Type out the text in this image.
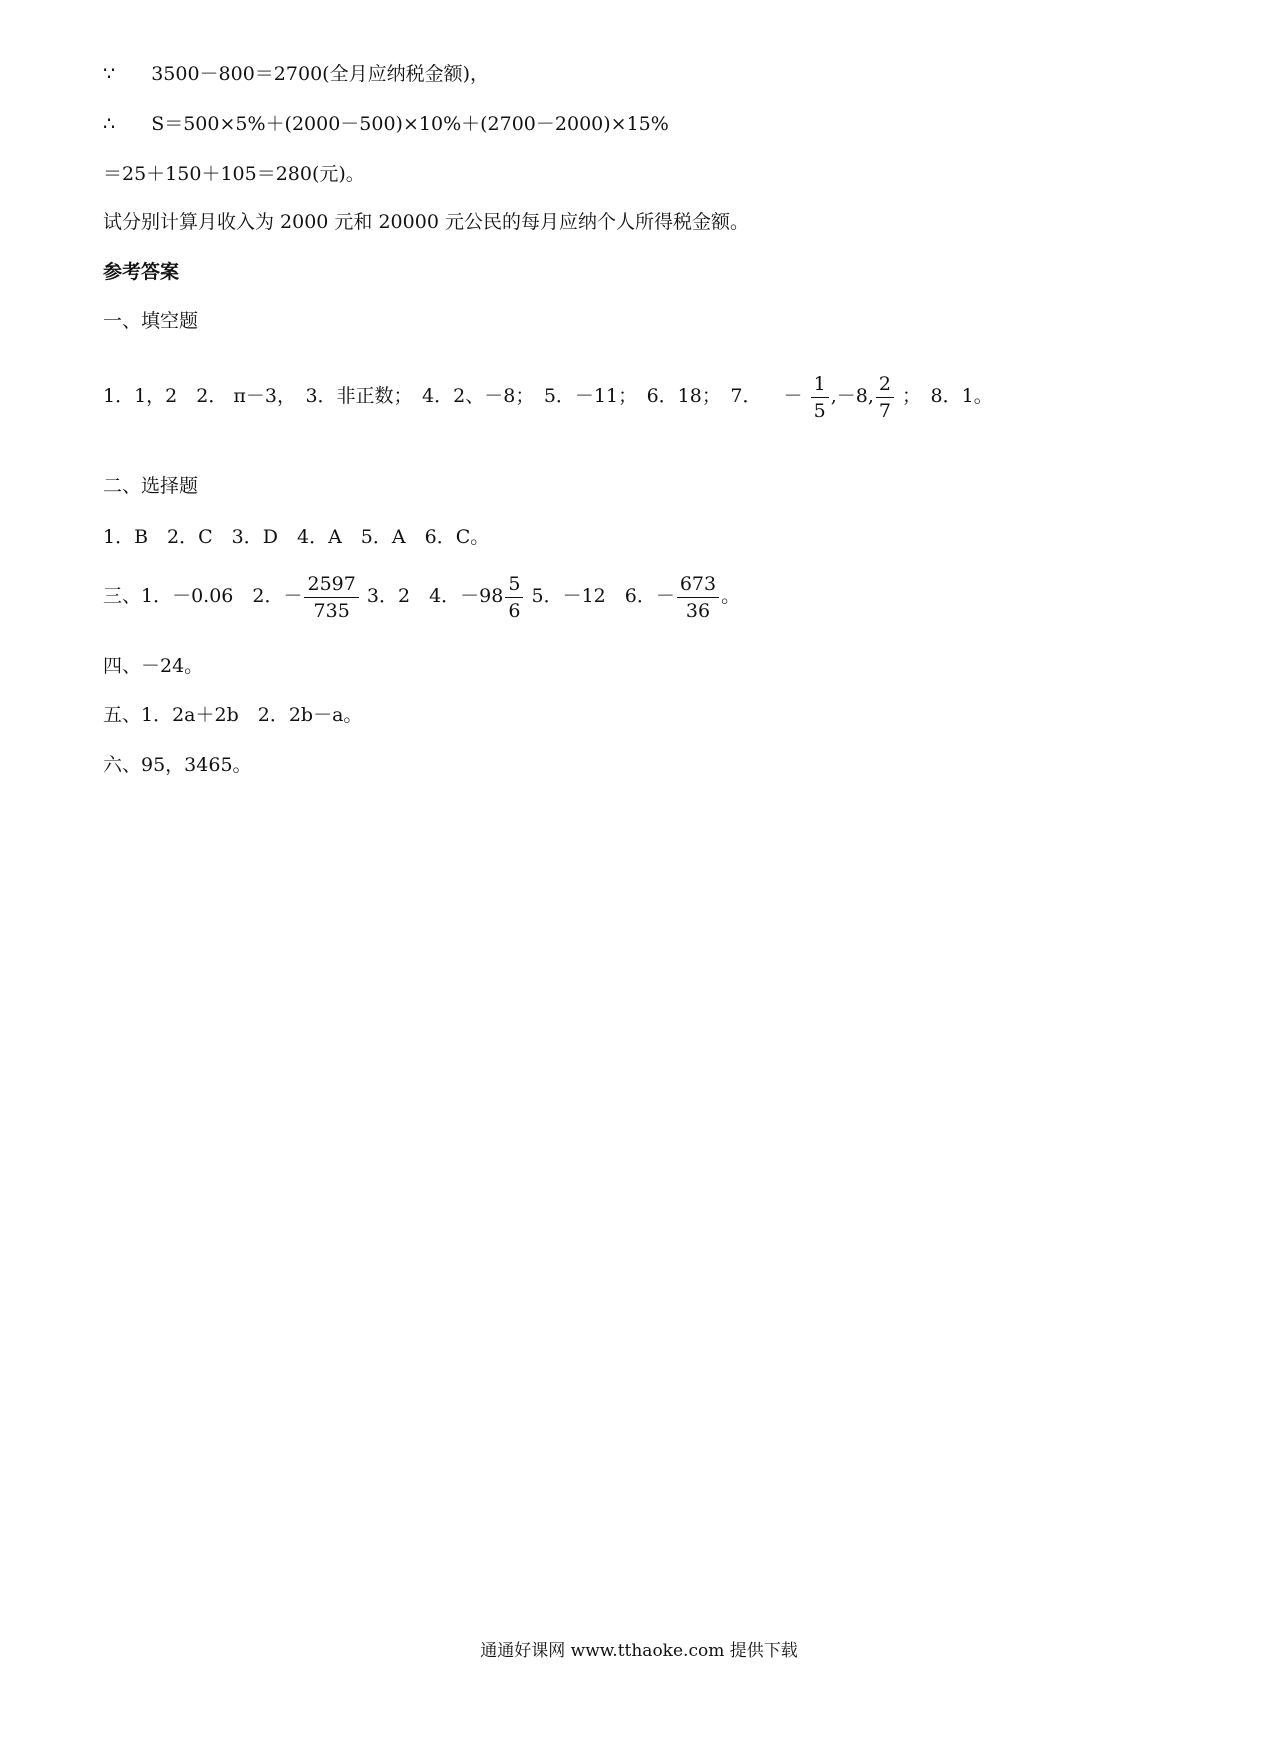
∵ 3500－800＝2700(全月应纳税金额)，
∴ S＝500×5%＋(2000－500)×10%＋(2700－2000)×15%
＝25＋150＋105＝280(元)。
试分别计算月收入为 2000 元和 20000 元公民的每月应纳个人所得税金额。
参考答案
一、填空题
1．1，2　2． π－3，　3．非正数；　4．2、－8；　5．－11；　6．18；　7． － $\frac{1}{5} ,-8$, $\frac{2}{7}$ ；　8．1。
二、选择题
1．B　2．C　3．D　4．A　5．A　6．C。
三、1．－0.06　2．－ $\frac{2597}{735} 3$．2　4．$-98 \frac{5}{6} 5$．－12　6．－ $\frac{673}{36}$ 。
四、－24。
五、1．2a＋2b　2．2b－a。
六、95，3465。
通通好课网 www.tthaoke.com 提供下载
